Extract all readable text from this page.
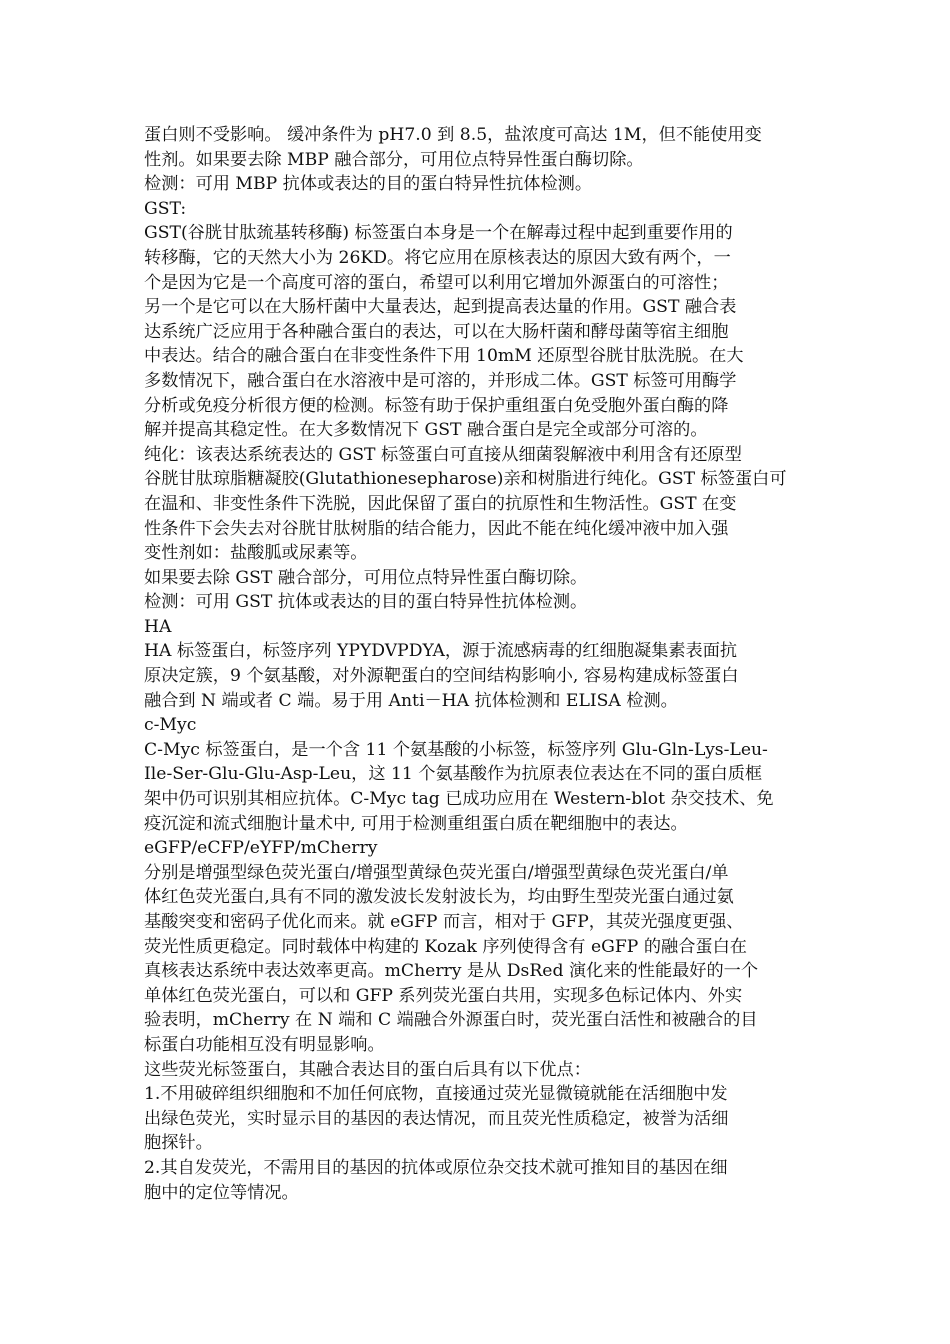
蛋白则不受影响。 缓冲条件为 pH7.0 到 8.5，盐浓度可高达 1M，但不能使用变
性剂。如果要去除 MBP 融合部分，可用位点特异性蛋白酶切除。
检测：可用 MBP 抗体或表达的目的蛋白特异性抗体检测。
GST:
GST(谷胱甘肽巯基转移酶) 标签蛋白本身是一个在解毒过程中起到重要作用的
转移酶，它的天然大小为 26KD。将它应用在原核表达的原因大致有两个，一
个是因为它是一个高度可溶的蛋白，希望可以利用它增加外源蛋白的可溶性；
另一个是它可以在大肠杆菌中大量表达，起到提高表达量的作用。GST 融合表
达系统广泛应用于各种融合蛋白的表达，可以在大肠杆菌和酵母菌等宿主细胞
中表达。结合的融合蛋白在非变性条件下用 10mM 还原型谷胱甘肽洗脱。在大
多数情况下，融合蛋白在水溶液中是可溶的，并形成二体。GST 标签可用酶学
分析或免疫分析很方便的检测。标签有助于保护重组蛋白免受胞外蛋白酶的降
解并提高其稳定性。在大多数情况下 GST 融合蛋白是完全或部分可溶的。
纯化：该表达系统表达的 GST 标签蛋白可直接从细菌裂解液中利用含有还原型
谷胱甘肽琼脂糖凝胶(Glutathionesepharose)亲和树脂进行纯化。GST 标签蛋白可
在温和、非变性条件下洗脱，因此保留了蛋白的抗原性和生物活性。GST 在变
性条件下会失去对谷胱甘肽树脂的结合能力，因此不能在纯化缓冲液中加入强
变性剂如：盐酸胍或尿素等。
如果要去除 GST 融合部分，可用位点特异性蛋白酶切除。
检测：可用 GST 抗体或表达的目的蛋白特异性抗体检测。
HA
HA 标签蛋白，标签序列 YPYDVPDYA，源于流感病毒的红细胞凝集素表面抗
原决定簇，9 个氨基酸，对外源靶蛋白的空间结构影响小, 容易构建成标签蛋白
融合到 N 端或者 C 端。易于用 Anti－HA 抗体检测和 ELISA 检测。
c-Myc
C-Myc 标签蛋白，是一个含 11 个氨基酸的小标签，标签序列 Glu-Gln-Lys-Leu-
Ile-Ser-Glu-Glu-Asp-Leu，这 11 个氨基酸作为抗原表位表达在不同的蛋白质框
架中仍可识别其相应抗体。C-Myc tag 已成功应用在 Western-blot 杂交技术、免
疫沉淀和流式细胞计量术中, 可用于检测重组蛋白质在靶细胞中的表达。
eGFP/eCFP/eYFP/mCherry
分别是增强型绿色荧光蛋白/增强型黄绿色荧光蛋白/增强型黄绿色荧光蛋白/单
体红色荧光蛋白,具有不同的激发波长发射波长为，均由野生型荧光蛋白通过氨
基酸突变和密码子优化而来。就 eGFP 而言，相对于 GFP，其荧光强度更强、
荧光性质更稳定。同时载体中构建的 Kozak 序列使得含有 eGFP 的融合蛋白在
真核表达系统中表达效率更高。mCherry 是从 DsRed 演化来的性能最好的一个
单体红色荧光蛋白，可以和 GFP 系列荧光蛋白共用，实现多色标记体内、外实
验表明，mCherry 在 N 端和 C 端融合外源蛋白时，荧光蛋白活性和被融合的目
标蛋白功能相互没有明显影响。
这些荧光标签蛋白，其融合表达目的蛋白后具有以下优点：
1.不用破碎组织细胞和不加任何底物，直接通过荧光显微镜就能在活细胞中发
出绿色荧光，实时显示目的基因的表达情况，而且荧光性质稳定，被誉为活细
胞探针。
2.其自发荧光，不需用目的基因的抗体或原位杂交技术就可推知目的基因在细
胞中的定位等情况。
